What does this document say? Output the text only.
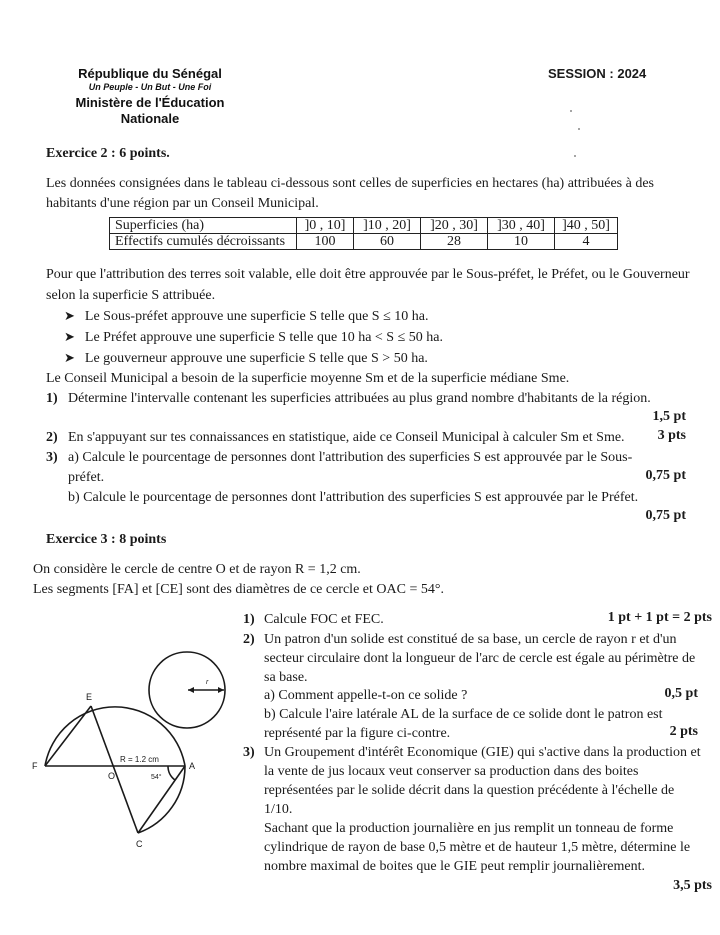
République du Sénégal
Un Peuple - Un But - Une Foi
Ministère de l'Éducation Nationale
SESSION : 2024
Exercice 2 : 6 points.
Les données consignées dans le tableau ci-dessous sont celles de superficies en hectares (ha) attribuées à des habitants d'une région par un Conseil Municipal.
Superficies (ha)	]0 , 10]	]10 , 20]	]20 , 30]	]30 , 40]	]40 , 50]
Effectifs cumulés décroissants	100	60	28	10	4
Pour que l'attribution des terres soit valable, elle doit être approuvée par le Sous-préfet, le Préfet, ou le Gouverneur selon la superficie S attribuée.
➤ Le Sous-préfet approuve une superficie S telle que S ≤ 10 ha.
➤ Le Préfet approuve une superficie S telle que 10 ha < S ≤ 50 ha.
➤ Le gouverneur approuve une superficie S telle que S > 50 ha.
Le Conseil Municipal a besoin de la superficie moyenne Sm et de la superficie médiane Sme.
1) Détermine l'intervalle contenant les superficies attribuées au plus grand nombre d'habitants de la région.
1,5 pt
2) En s'appuyant sur tes connaissances en statistique, aide ce Conseil Municipal à calculer Sm et Sme. 3 pts
3) a) Calcule le pourcentage de personnes dont l'attribution des superficies S est approuvée par le Sous-préfet.	0,75 pt
b) Calcule le pourcentage de personnes dont l'attribution des superficies S est approuvée par le Préfet.
0,75 pt
Exercice 3 : 8 points
On considère le cercle de centre O et de rayon R = 1,2 cm.
Les segments [FA] et [CE] sont des diamètres de ce cercle et OAC = 54°.
1) Calcule FOC et FEC.	1 pt + 1 pt = 2 pts
2) Un patron d'un solide est constitué de sa base, un cercle de rayon r et d'un secteur circulaire dont la longueur de l'arc de cercle est égale au périmètre de sa base.
a) Comment appelle-t-on ce solide ?	0,5 pt
b) Calcule l'aire latérale AL de la surface de ce solide dont le patron est représenté par la figure ci-contre.	2 pts
3) Un Groupement d'intérêt Economique (GIE) qui s'active dans la production et la vente de jus locaux veut conserver sa production dans des boites représentées par le solide décrit dans la question précédente à l'échelle de 1/10.
Sachant que la production journalière en jus remplit un tonneau de forme cylindrique de rayon de base 0,5 mètre et de hauteur 1,5 mètre, détermine le nombre maximal de boites que le GIE peut remplir journalièrement.
3,5 pts
E
F
O
A
C
R = 1.2 cm
54°
r
